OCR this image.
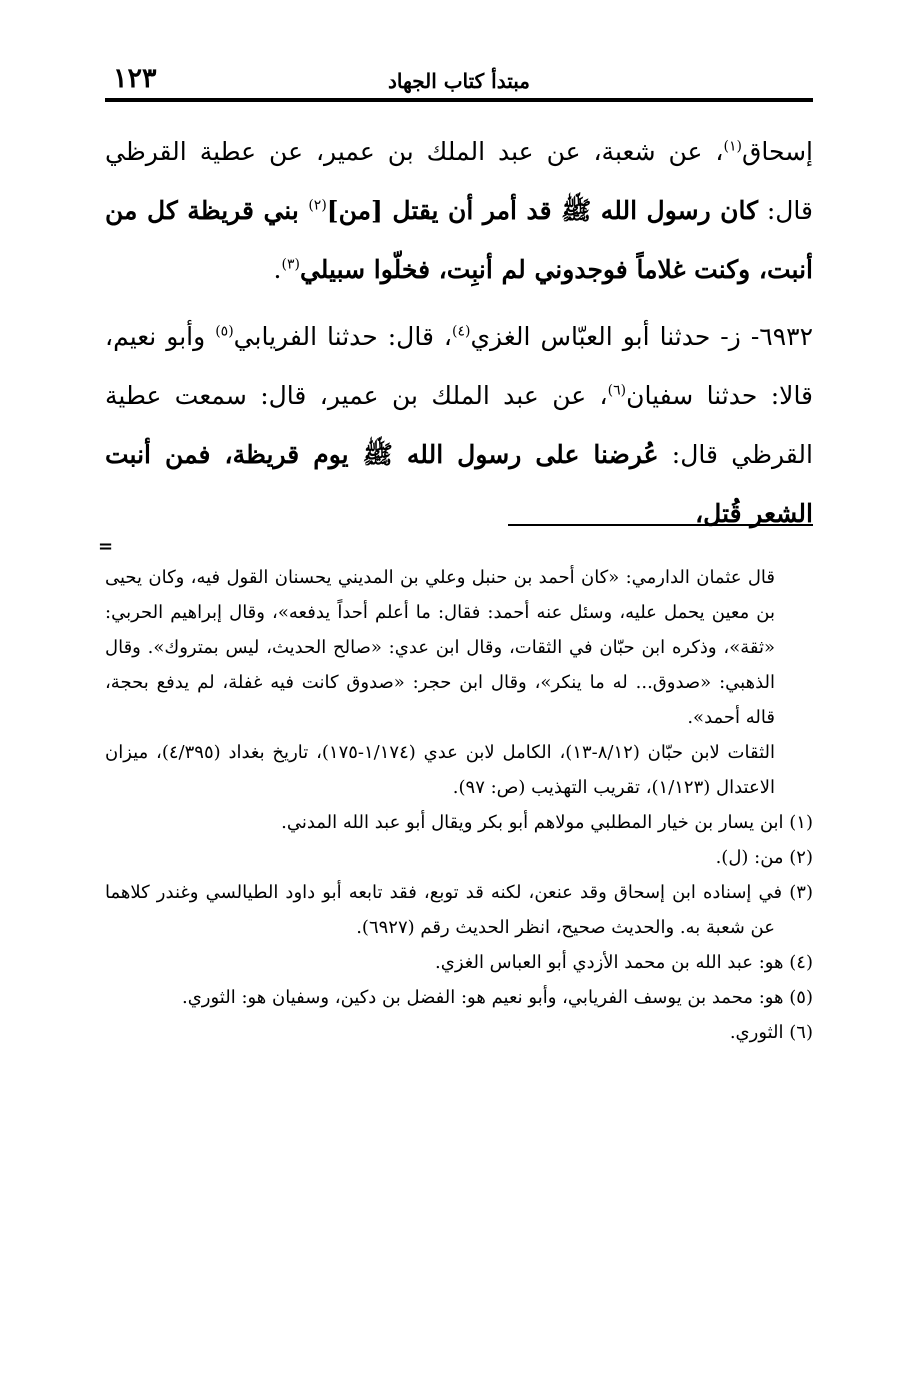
١٢٣	مبتدأ كتاب الجهاد

إسحاق$^{(١)}$، عن شعبة، عن عبد الملك بن عمير، عن عطية القرظي قال: كان رسول الله ﷺ قد أمر أن يقتل [من]$^{(٢)}$ بني قريظة كل من أنبت، وكنت غلاماً فوجدوني لم أنبِت، فخلّوا سبيلي$^{(٣)}$.

٦٩٣٢- ز- حدثنا أبو العبّاس الغزي$^{(٤)}$، قال: حدثنا الفريابي$^{(٥)}$ وأبو نعيم، قالا: حدثنا سفيان$^{(٦)}$، عن عبد الملك بن عمير، قال: سمعت عطية القرظي قال: عُرضنا على رسول الله ﷺ يوم قريظة، فمن أنبت الشعر قُتل،

=

قال عثمان الدارمي: «كان أحمد بن حنبل وعلي بن المديني يحسنان القول فيه، وكان يحيى بن معين يحمل عليه، وسئل عنه أحمد: فقال: ما أعلم أحداً يدفعه»، وقال إبراهيم الحربي: «ثقة»، وذكره ابن حبّان في الثقات، وقال ابن عدي: «صالح الحديث، ليس بمتروك». وقال الذهبي: «صدوق... له ما ينكر»، وقال ابن حجر: «صدوق كانت فيه غفلة، لم يدفع بحجة، قاله أحمد».

الثقات لابن حبّان (٨/١٢-١٣)، الكامل لابن عدي (١/١٧٤-١٧٥)، تاريخ بغداد (٤/٣٩٥)، ميزان الاعتدال (١/١٢٣)، تقريب التهذيب (ص: ٩٧).

(١) ابن يسار بن خيار المطلبي مولاهم أبو بكر ويقال أبو عبد الله المدني.

(٢) من: (ل).

(٣) في إسناده ابن إسحاق وقد عنعن، لكنه قد توبع، فقد تابعه أبو داود الطيالسي وغندر كلاهما عن شعبة به. والحديث صحيح، انظر الحديث رقم (٦٩٢٧).

(٤) هو: عبد الله بن محمد الأزدي أبو العباس الغزي.

(٥) هو: محمد بن يوسف الفريابي، وأبو نعيم هو: الفضل بن دكين، وسفيان هو: الثوري.

(٦) الثوري.
